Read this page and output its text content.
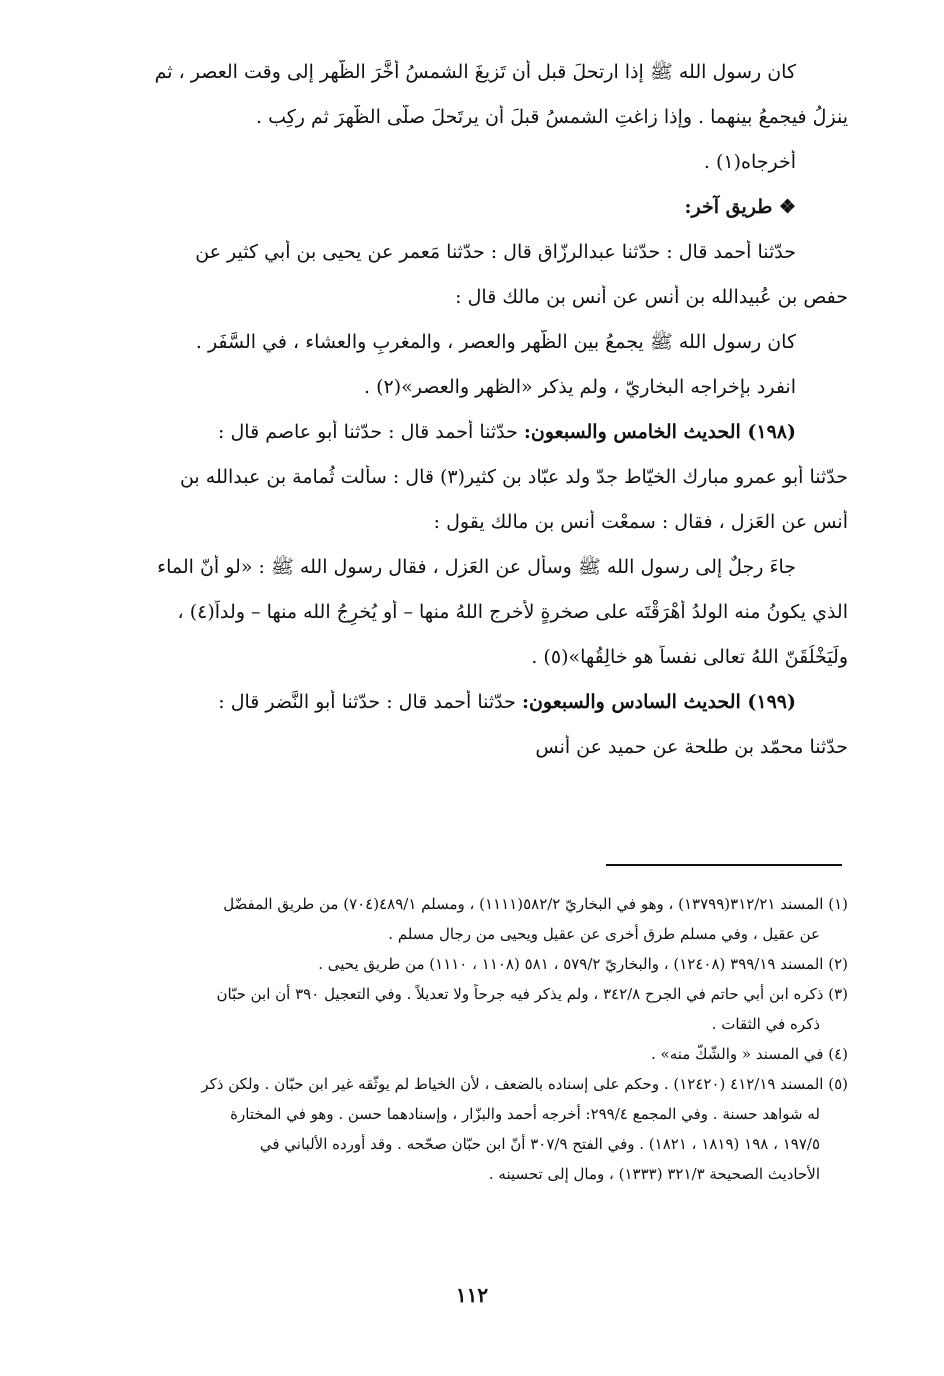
كان رسول الله ﷺ إذا ارتحلَ قبل أن تَزيغَ الشمسُ أخَّرَ الظُّهر إلى وقت العصر ، ثم
ينزلُ فيجمعُ بينهما . وإذا زاغتِ الشمسُ قبلَ أن يرتَحلَ صلّى الظُّهرَ ثم ركِب .
أخرجاه(١) .
❖ طريق آخر:
حدّثنا أحمد قال : حدّثنا عبدالرزّاق قال : حدّثنا مَعمر عن يحيى بن أبي كثير عن
حفص بن عُبيدالله بن أنس عن أنس بن مالك قال :
كان رسول الله ﷺ يجمعُ بين الظُّهر والعصر ، والمغربِ والعشاء ، في السَّفَر .
انفرد بإخراجه البخاريّ ، ولم يذكر «الظهر والعصر»(٢) .
(١٩٨) الحديث الخامس والسبعون: حدّثنا أحمد قال : حدّثنا أبو عاصم قال :
حدّثنا أبو عمرو مبارك الخيّاط جدّ ولد عبّاد بن كثير(٣) قال : سألت ثُمامة بن عبدالله بن
أنس عن العَزل ، فقال : سمعْت أنس بن مالك يقول :
جاءَ رجلٌ إلى رسول الله ﷺ وسأل عن العَزل ، فقال رسول الله ﷺ : «لو أنّ الماء
الذي يكونُ منه الولدُ أهْرَقْتَه على صخرةٍ لأخرج اللهُ منها – أو يُخرِجُ الله منها – ولداً(٤) ،
ولَيَخْلُقَنّ اللهُ تعالى نفساً هو خالِقُها»(٥) .
(١٩٩) الحديث السادس والسبعون: حدّثنا أحمد قال : حدّثنا أبو النَّضر قال :
حدّثنا محمّد بن طلحة عن حميد عن أنس
(١) المسند ٣١٢/٢١(١٣٧٩٩) ، وهو في البخاريّ ٥٨٢/٢(١١١١) ، ومسلم ٤٨٩/١(٧٠٤) من طريق المفضّل
عن عقيل ، وفي مسلم طرق أخرى عن عقيل ويحيى من رجال مسلم .
(٢) المسند ٣٩٩/١٩ (١٢٤٠٨) ، والبخاريّ ٥٧٩/٢ ، ٥٨١ (١١٠٨ ، ١١١٠) من طريق يحيى .
(٣) ذكره ابن أبي حاتم في الجرح ٣٤٢/٨ ، ولم يذكر فيه جرحاً ولا تعديلاً . وفي التعجيل ٣٩٠ أن ابن حبّان
ذكره في الثقات .
(٤) في المسند « والشّكّ منه» .
(٥) المسند ٤١٢/١٩ (١٢٤٢٠) . وحكم على إسناده بالضعف ، لأن الخياط لم يوثّقه غير ابن حبّان . ولكن ذكر
له شواهد حسنة . وفي المجمع ٢٩٩/٤: أخرجه أحمد والبزّار ، وإسنادهما حسن . وهو في المختارة
١٩٧/٥ ، ١٩٨ (١٨١٩ ، ١٨٢١) . وفي الفتح ٣٠٧/٩ أنّ ابن حبّان صحّحه . وقد أورده الألباني في
الأحاديث الصحيحة ٣٢١/٣ (١٣٣٣) ، ومال إلى تحسينه .
١١٢
